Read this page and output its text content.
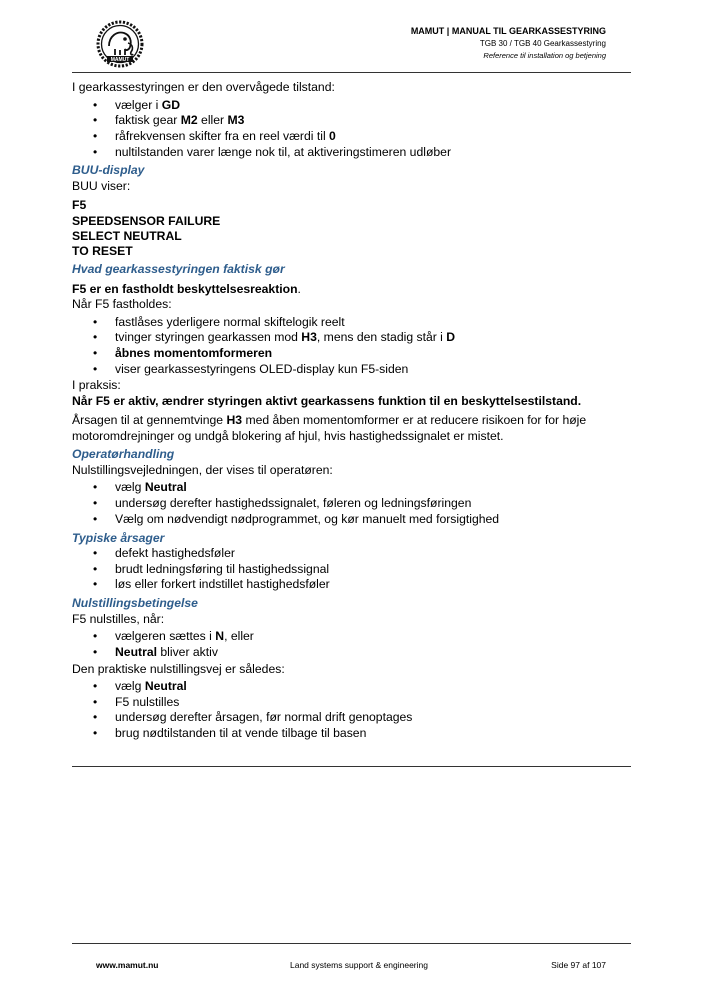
MAMUT
MAMUT | MANUAL TIL GEARKASSESTYRING
TGB 30 / TGB 40 Gearkassestyring
Reference til installation og betjening

I gearkassestyringen er den overvågede tilstand:

• vælger i GD
• faktisk gear M2 eller M3
• råfrekvensen skifter fra en reel værdi til 0
• nultilstanden varer længe nok til, at aktiveringstimeren udløber

BUU-display

BUU viser:

F5
SPEEDSENSOR FAILURE
SELECT NEUTRAL
TO RESET

Hvad gearkassestyringen faktisk gør

F5 er en fastholdt beskyttelsesreaktion.

Når F5 fastholdes:

• fastlåses yderligere normal skiftelogik reelt
• tvinger styringen gearkassen mod H3, mens den stadig står i D
• åbnes momentomformeren
• viser gearkassestyringens OLED-display kun F5-siden

I praksis:

Når F5 er aktiv, ændrer styringen aktivt gearkassens funktion til en beskyttelsestilstand.

Årsagen til at gennemtvinge H3 med åben momentomformer er at reducere risikoen for for høje motoromdrejninger og undgå blokering af hjul, hvis hastighedssignalet er mistet.

Operatørhandling

Nulstillingsvejledningen, der vises til operatøren:

• vælg Neutral
• undersøg derefter hastighedssignalet, føleren og ledningsføringen
• Vælg om nødvendigt nødprogrammet, og kør manuelt med forsigtighed

Typiske årsager

• defekt hastighedsføler
• brudt ledningsføring til hastighedssignal
• løs eller forkert indstillet hastighedsføler

Nulstillingsbetingelse

F5 nulstilles, når:

• vælgeren sættes i N, eller
• Neutral bliver aktiv

Den praktiske nulstillingsvej er således:

• vælg Neutral
• F5 nulstilles
• undersøg derefter årsagen, før normal drift genoptages
• brug nødtilstanden til at vende tilbage til basen
www.mamut.nu	Land systems support & engineering	Side 97 af 107
